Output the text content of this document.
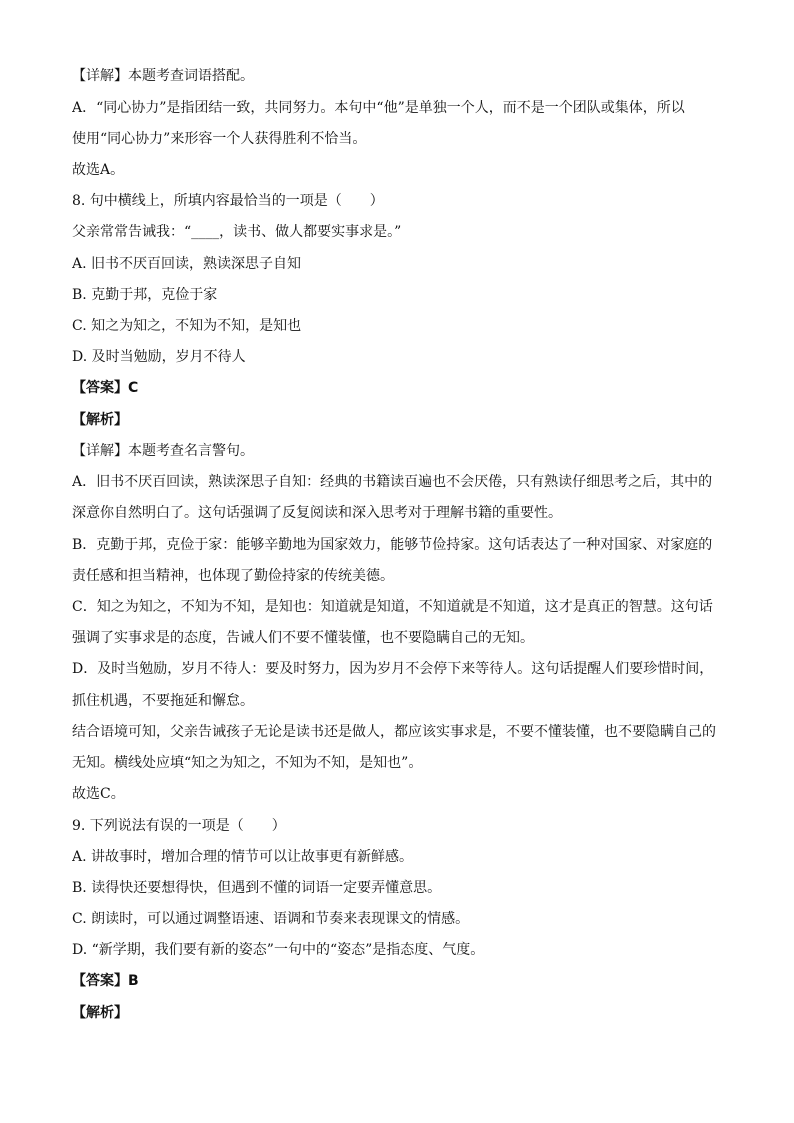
【详解】本题考查词语搭配。
A．“同心协力”是指团结一致，共同努力。本句中“他”是单独一个人，而不是一个团队或集体，所以
使用“同心协力”来形容一个人获得胜利不恰当。
故选A。
8. 句中横线上，所填内容最恰当的一项是（　　）
父亲常常告诫我：“____，读书、做人都要实事求是。”
A. 旧书不厌百回读，熟读深思子自知
B. 克勤于邦，克俭于家
C. 知之为知之，不知为不知，是知也
D. 及时当勉励，岁月不待人
【答案】C
【解析】
【详解】本题考查名言警句。
A．旧书不厌百回读，熟读深思子自知：经典的书籍读百遍也不会厌倦，只有熟读仔细思考之后，其中的
深意你自然明白了。这句话强调了反复阅读和深入思考对于理解书籍的重要性。
B．克勤于邦，克俭于家：能够辛勤地为国家效力，能够节俭持家。这句话表达了一种对国家、对家庭的
责任感和担当精神，也体现了勤俭持家的传统美德。
C．知之为知之，不知为不知，是知也：知道就是知道，不知道就是不知道，这才是真正的智慧。这句话
强调了实事求是的态度，告诫人们不要不懂装懂，也不要隐瞒自己的无知。
D．及时当勉励，岁月不待人：要及时努力，因为岁月不会停下来等待人。这句话提醒人们要珍惜时间，
抓住机遇，不要拖延和懈怠。
结合语境可知，父亲告诫孩子无论是读书还是做人，都应该实事求是，不要不懂装懂，也不要隐瞒自己的
无知。横线处应填“知之为知之，不知为不知，是知也”。
故选C。
9. 下列说法有误的一项是（　　）
A. 讲故事时，增加合理的情节可以让故事更有新鲜感。
B. 读得快还要想得快，但遇到不懂的词语一定要弄懂意思。
C. 朗读时，可以通过调整语速、语调和节奏来表现课文的情感。
D. “新学期，我们要有新的姿态”一句中的“姿态”是指态度、气度。
【答案】B
【解析】
